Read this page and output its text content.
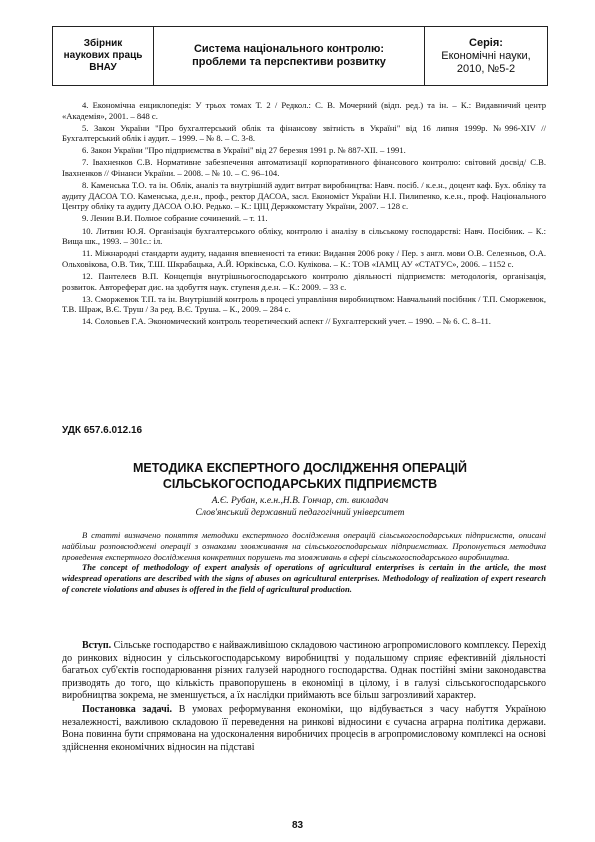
Збірник
наукових праць
ВНАУ
Система національного контролю:
проблеми та перспективи розвитку
Серія:
Економічні науки,
2010, №5-2

4. Економічна енциклопедія: У трьох томах Т. 2 / Редкол.: С. В. Мочерний (відп. ред.) та ін. – К.: Видавничий центр «Академія», 2001. – 848 с.

5. Закон України "Про бухгалтерський облік та фінансову звітність в Україні" від 16 липня 1999р. №996-ХІV // Бухгалтерський облік і аудит. – 1999. – № 8. – С. 3-8.

6. Закон України "Про підприємства в Україні" від 27 березня 1991 р. № 887-ХІІ. – 1991.

7. Івахненков С.В. Нормативне забезпечення автоматизації корпоративного фінансового контролю: світовий досвід/ С.В. Івахненков // Фінанси України. – 2008. – № 10. – С. 96–104.

8. Каменська Т.О. та ін. Облік, аналіз та внутрішній аудит витрат виробництва: Навч. посіб. / к.е.н., доцент каф. Бух. обліку та аудиту ДАСОА Т.О. Каменська, д.е.н., проф., ректор ДАСОА, засл. Економіст України Н.І. Пилипенко, к.е.н., проф. Національного Центру обліку та аудиту ДАСОА О.Ю. Редько. – К.: ЦІЦ Держкомстату України, 2007. – 128 с.

9. Ленин В.И. Полное собрание сочинений. – т. 11.

10. Литвин Ю.Я. Організація бухгалтерського обліку, контролю і аналізу в сільському господарстві: Навч. Посібник. – К.: Вища шк., 1993. – 301с.: іл.

11. Міжнародні стандарти аудиту, надання впевненості та етики: Видання 2006 року / Пер. з англ. мови О.В. Селезньов, О.А. Ольховікова, О.В. Тик, Т.Ш. Шкрабацька, А.Й. Юрківська, С.О. Кулікова. – К.: ТОВ «ІАМЦ АУ «СТАТУС», 2006. – 1152 с.

12. Пантелеєв В.П. Концепція внутрішньогосподарського контролю діяльності підприємств: методологія, організація, розвиток. Автореферат дис. на здобуття наук. ступеня д.е.н. – К.: 2009. – 33 с.

13. Сморжевюк Т.П. та ін. Внутрішній контроль в процесі управління виробництвом: Навчальний посібник / Т.П. Сморжевюк, Т.В. Шраж, В.Є. Труш / За ред. В.Є. Труша. – К., 2009. – 284 с.

14. Соловьев Г.А. Экономический контроль теоретический аспект // Бухгалтерский учет. – 1990. – № 6. С. 8–11.

УДК 657.6.012.16
МЕТОДИКА ЕКСПЕРТНОГО ДОСЛІДЖЕННЯ ОПЕРАЦІЙ СІЛЬСЬКОГОСПОДАРСЬКИХ ПІДПРИЄМСТВ
А.Є. Рубан, к.е.н.,Н.В. Гончар, ст. викладач
Слов'янський державний педагогічний університет

В статті визначено поняття методики експертного дослідження операцій сільськогосподарських підприємств, описані найбільш розповсюджені операції з ознаками зловживання на сільськогосподарських підприємствах. Пропонується методика проведення експертного дослідження конкретних порушень та зловживань в сфері сільськогосподарського виробництва.

The concept of methodology of expert analysis of operations of agricultural enterprises is certain in the article, the most widespread operations are described with the signs of abuses on agricultural enterprises. Methodology of realization of expert research of concrete violations and abuses is offered in the field of agricultural production.

Вступ. Сільське господарство є найважливішою складовою частиною агропромислового комплексу. Перехід до ринкових відносин у сільськогосподарському виробництві у подальшому сприяє ефективній діяльності багатьох суб'єктів господарювання різних галузей народного господарства. Однак постійні зміни законодавства призводять до того, що кількість правопорушень в економіці в цілому, і в галузі сільськогосподарського виробництва зокрема, не зменшується, а їх наслідки приймають все більш загрозливий характер.

Постановка задачі. В умовах реформування економіки, що відбувається з часу набуття Україною незалежності, важливою складовою її переведення на ринкові відносини є сучасна аграрна політика держави. Вона повинна бути спрямована на удосконалення виробничих процесів в агропромисловому комплексі на основі здійснення економічних відносин на підставі

83
